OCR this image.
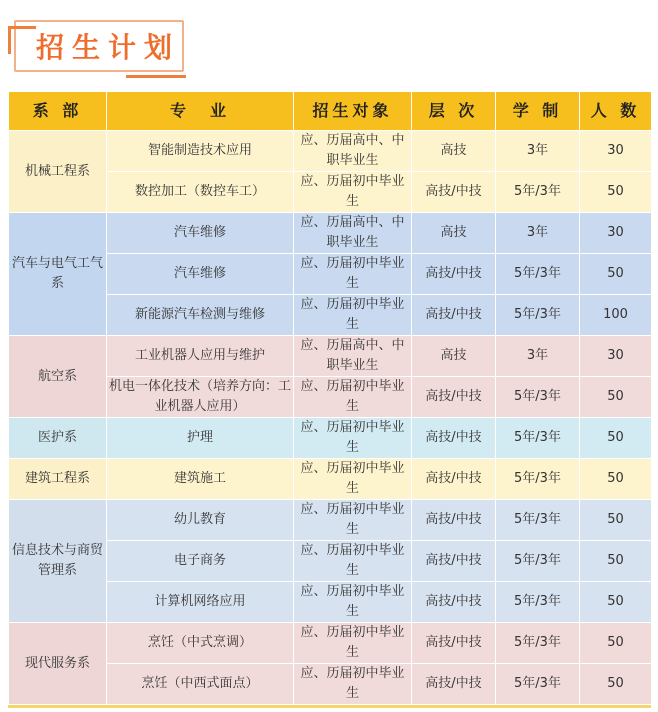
招生计划
系 部	专　业	招生对象	层 次	学 制	人 数
机械工程系	智能制造技术应用	应、历届高中、中职毕业生	高技	3年	30
	数控加工（数控车工）	应、历届初中毕业生	高技/中技	5年/3年	50
汽车与电气工气系	汽车维修	应、历届高中、中职毕业生	高技	3年	30
	汽车维修	应、历届初中毕业生	高技/中技	5年/3年	50
	新能源汽车检测与维修	应、历届初中毕业生	高技/中技	5年/3年	100
航空系	工业机器人应用与维护	应、历届高中、中职毕业生	高技	3年	30
	机电一体化技术（培养方向：工业机器人应用）	应、历届初中毕业生	高技/中技	5年/3年	50
医护系	护理	应、历届初中毕业生	高技/中技	5年/3年	50
建筑工程系	建筑施工	应、历届初中毕业生	高技/中技	5年/3年	50
信息技术与商贸管理系	幼儿教育	应、历届初中毕业生	高技/中技	5年/3年	50
	电子商务	应、历届初中毕业生	高技/中技	5年/3年	50
	计算机网络应用	应、历届初中毕业生	高技/中技	5年/3年	50
现代服务系	烹饪（中式烹调）	应、历届初中毕业生	高技/中技	5年/3年	50
	烹饪（中西式面点）	应、历届初中毕业生	高技/中技	5年/3年	50
